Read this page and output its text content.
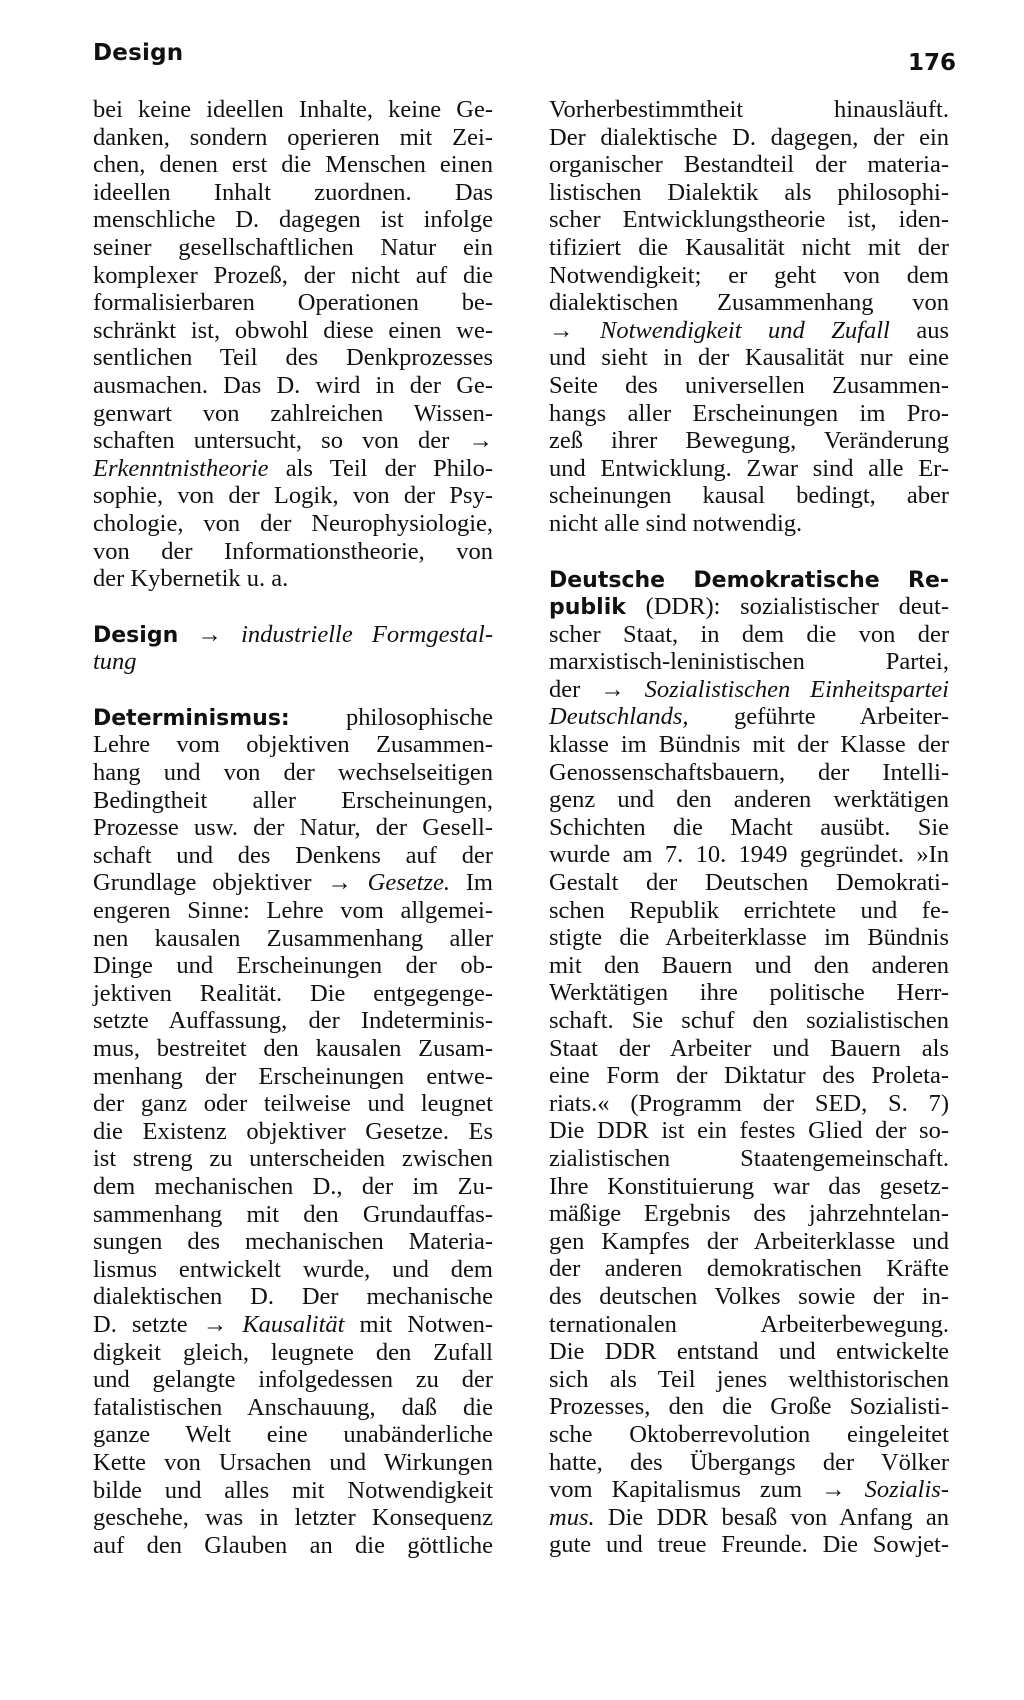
Design	176
bei keine ideellen Inhalte, keine Ge-
danken, sondern operieren mit Zei-
chen, denen erst die Menschen einen
ideellen Inhalt zuordnen. Das
menschliche D. dagegen ist infolge
seiner gesellschaftlichen Natur ein
komplexer Prozeß, der nicht auf die
formalisierbaren Operationen be-
schränkt ist, obwohl diese einen we-
sentlichen Teil des Denkprozesses
ausmachen. Das D. wird in der Ge-
genwart von zahlreichen Wissen-
schaften untersucht, so von der →
Erkenntnistheorie als Teil der Philo-
sophie, von der Logik, von der Psy-
chologie, von der Neurophysiologie,
von der Informationstheorie, von
der Kybernetik u. a.
Design → industrielle Formgestal-
tung
Determinismus: philosophische
Lehre vom objektiven Zusammen-
hang und von der wechselseitigen
Bedingtheit aller Erscheinungen,
Prozesse usw. der Natur, der Gesell-
schaft und des Denkens auf der
Grundlage objektiver → Gesetze. Im
engeren Sinne: Lehre vom allgemei-
nen kausalen Zusammenhang aller
Dinge und Erscheinungen der ob-
jektiven Realität. Die entgegenge-
setzte Auffassung, der Indeterminis-
mus, bestreitet den kausalen Zusam-
menhang der Erscheinungen entwe-
der ganz oder teilweise und leugnet
die Existenz objektiver Gesetze. Es
ist streng zu unterscheiden zwischen
dem mechanischen D., der im Zu-
sammenhang mit den Grundauffas-
sungen des mechanischen Materia-
lismus entwickelt wurde, und dem
dialektischen D. Der mechanische
D. setzte → Kausalität mit Notwen-
digkeit gleich, leugnete den Zufall
und gelangte infolgedessen zu der
fatalistischen Anschauung, daß die
ganze Welt eine unabänderliche
Kette von Ursachen und Wirkungen
bilde und alles mit Notwendigkeit
geschehe, was in letzter Konsequenz
auf den Glauben an die göttliche
Vorherbestimmtheit hinausläuft.
Der dialektische D. dagegen, der ein
organischer Bestandteil der materia-
listischen Dialektik als philosophi-
scher Entwicklungstheorie ist, iden-
tifiziert die Kausalität nicht mit der
Notwendigkeit; er geht von dem
dialektischen Zusammenhang von
→ Notwendigkeit und Zufall aus
und sieht in der Kausalität nur eine
Seite des universellen Zusammen-
hangs aller Erscheinungen im Pro-
zeß ihrer Bewegung, Veränderung
und Entwicklung. Zwar sind alle Er-
scheinungen kausal bedingt, aber
nicht alle sind notwendig.
Deutsche Demokratische Re-
publik (DDR): sozialistischer deut-
scher Staat, in dem die von der
marxistisch-leninistischen Partei,
der → Sozialistischen Einheitspartei
Deutschlands, geführte Arbeiter-
klasse im Bündnis mit der Klasse der
Genossenschaftsbauern, der Intelli-
genz und den anderen werktätigen
Schichten die Macht ausübt. Sie
wurde am 7. 10. 1949 gegründet. »In
Gestalt der Deutschen Demokrati-
schen Republik errichtete und fe-
stigte die Arbeiterklasse im Bündnis
mit den Bauern und den anderen
Werktätigen ihre politische Herr-
schaft. Sie schuf den sozialistischen
Staat der Arbeiter und Bauern als
eine Form der Diktatur des Proleta-
riats.« (Programm der SED, S. 7)
Die DDR ist ein festes Glied der so-
zialistischen Staatengemeinschaft.
Ihre Konstituierung war das gesetz-
mäßige Ergebnis des jahrzehntelan-
gen Kampfes der Arbeiterklasse und
der anderen demokratischen Kräfte
des deutschen Volkes sowie der in-
ternationalen Arbeiterbewegung.
Die DDR entstand und entwickelte
sich als Teil jenes welthistorischen
Prozesses, den die Große Sozialisti-
sche Oktoberrevolution eingeleitet
hatte, des Übergangs der Völker
vom Kapitalismus zum → Sozialis-
mus. Die DDR besaß von Anfang an
gute und treue Freunde. Die Sowjet-
